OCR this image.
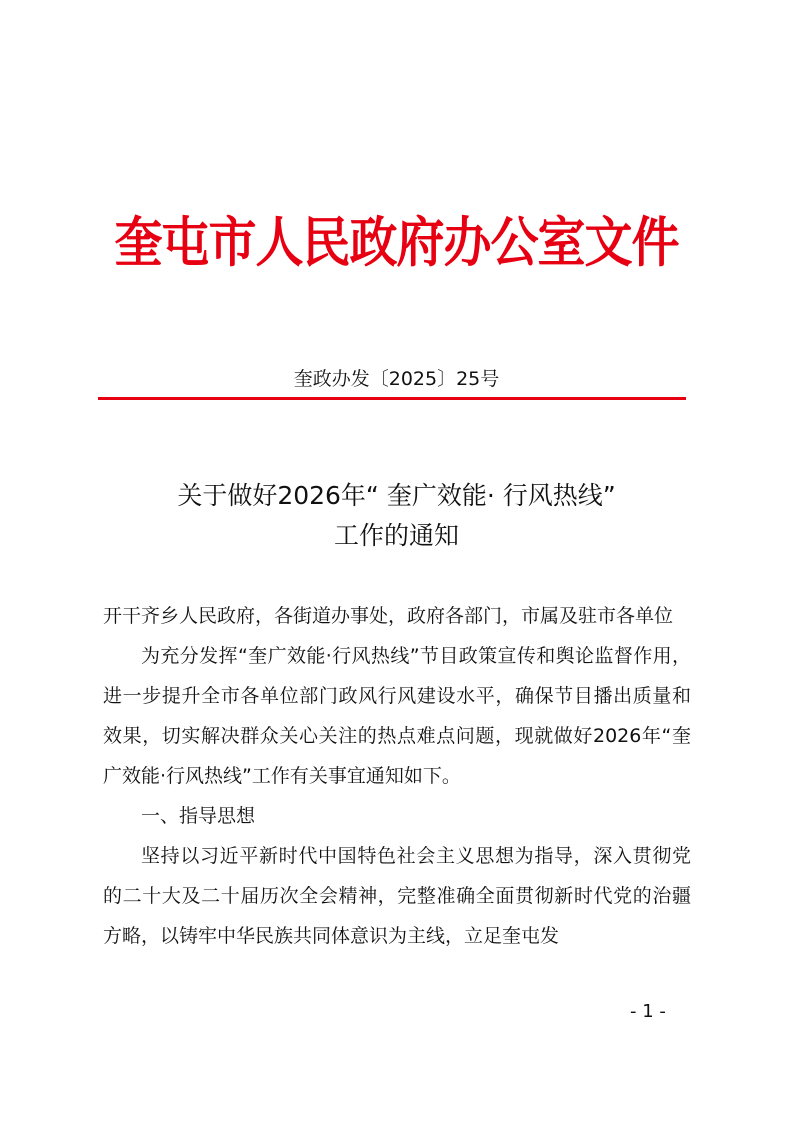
奎屯市人民政府办公室文件
奎政办发〔2025〕25号
关于做好2026年“ 奎广效能· 行风热线”
工作的通知

开干齐乡人民政府，各街道办事处，政府各部门，市属及驻市各单位

为充分发挥“奎广效能·行风热线”节目政策宣传和舆论监督作用，进一步提升全市各单位部门政风行风建设水平，确保节目播出质量和效果，切实解决群众关心关注的热点难点问题，现就做好2026年“奎广效能·行风热线”工作有关事宜通知如下。

一、指导思想

坚持以习近平新时代中国特色社会主义思想为指导，深入贯彻党的二十大及二十届历次全会精神，完整准确全面贯彻新时代党的治疆方略，以铸牢中华民族共同体意识为主线，立足奎屯发

- 1 -
